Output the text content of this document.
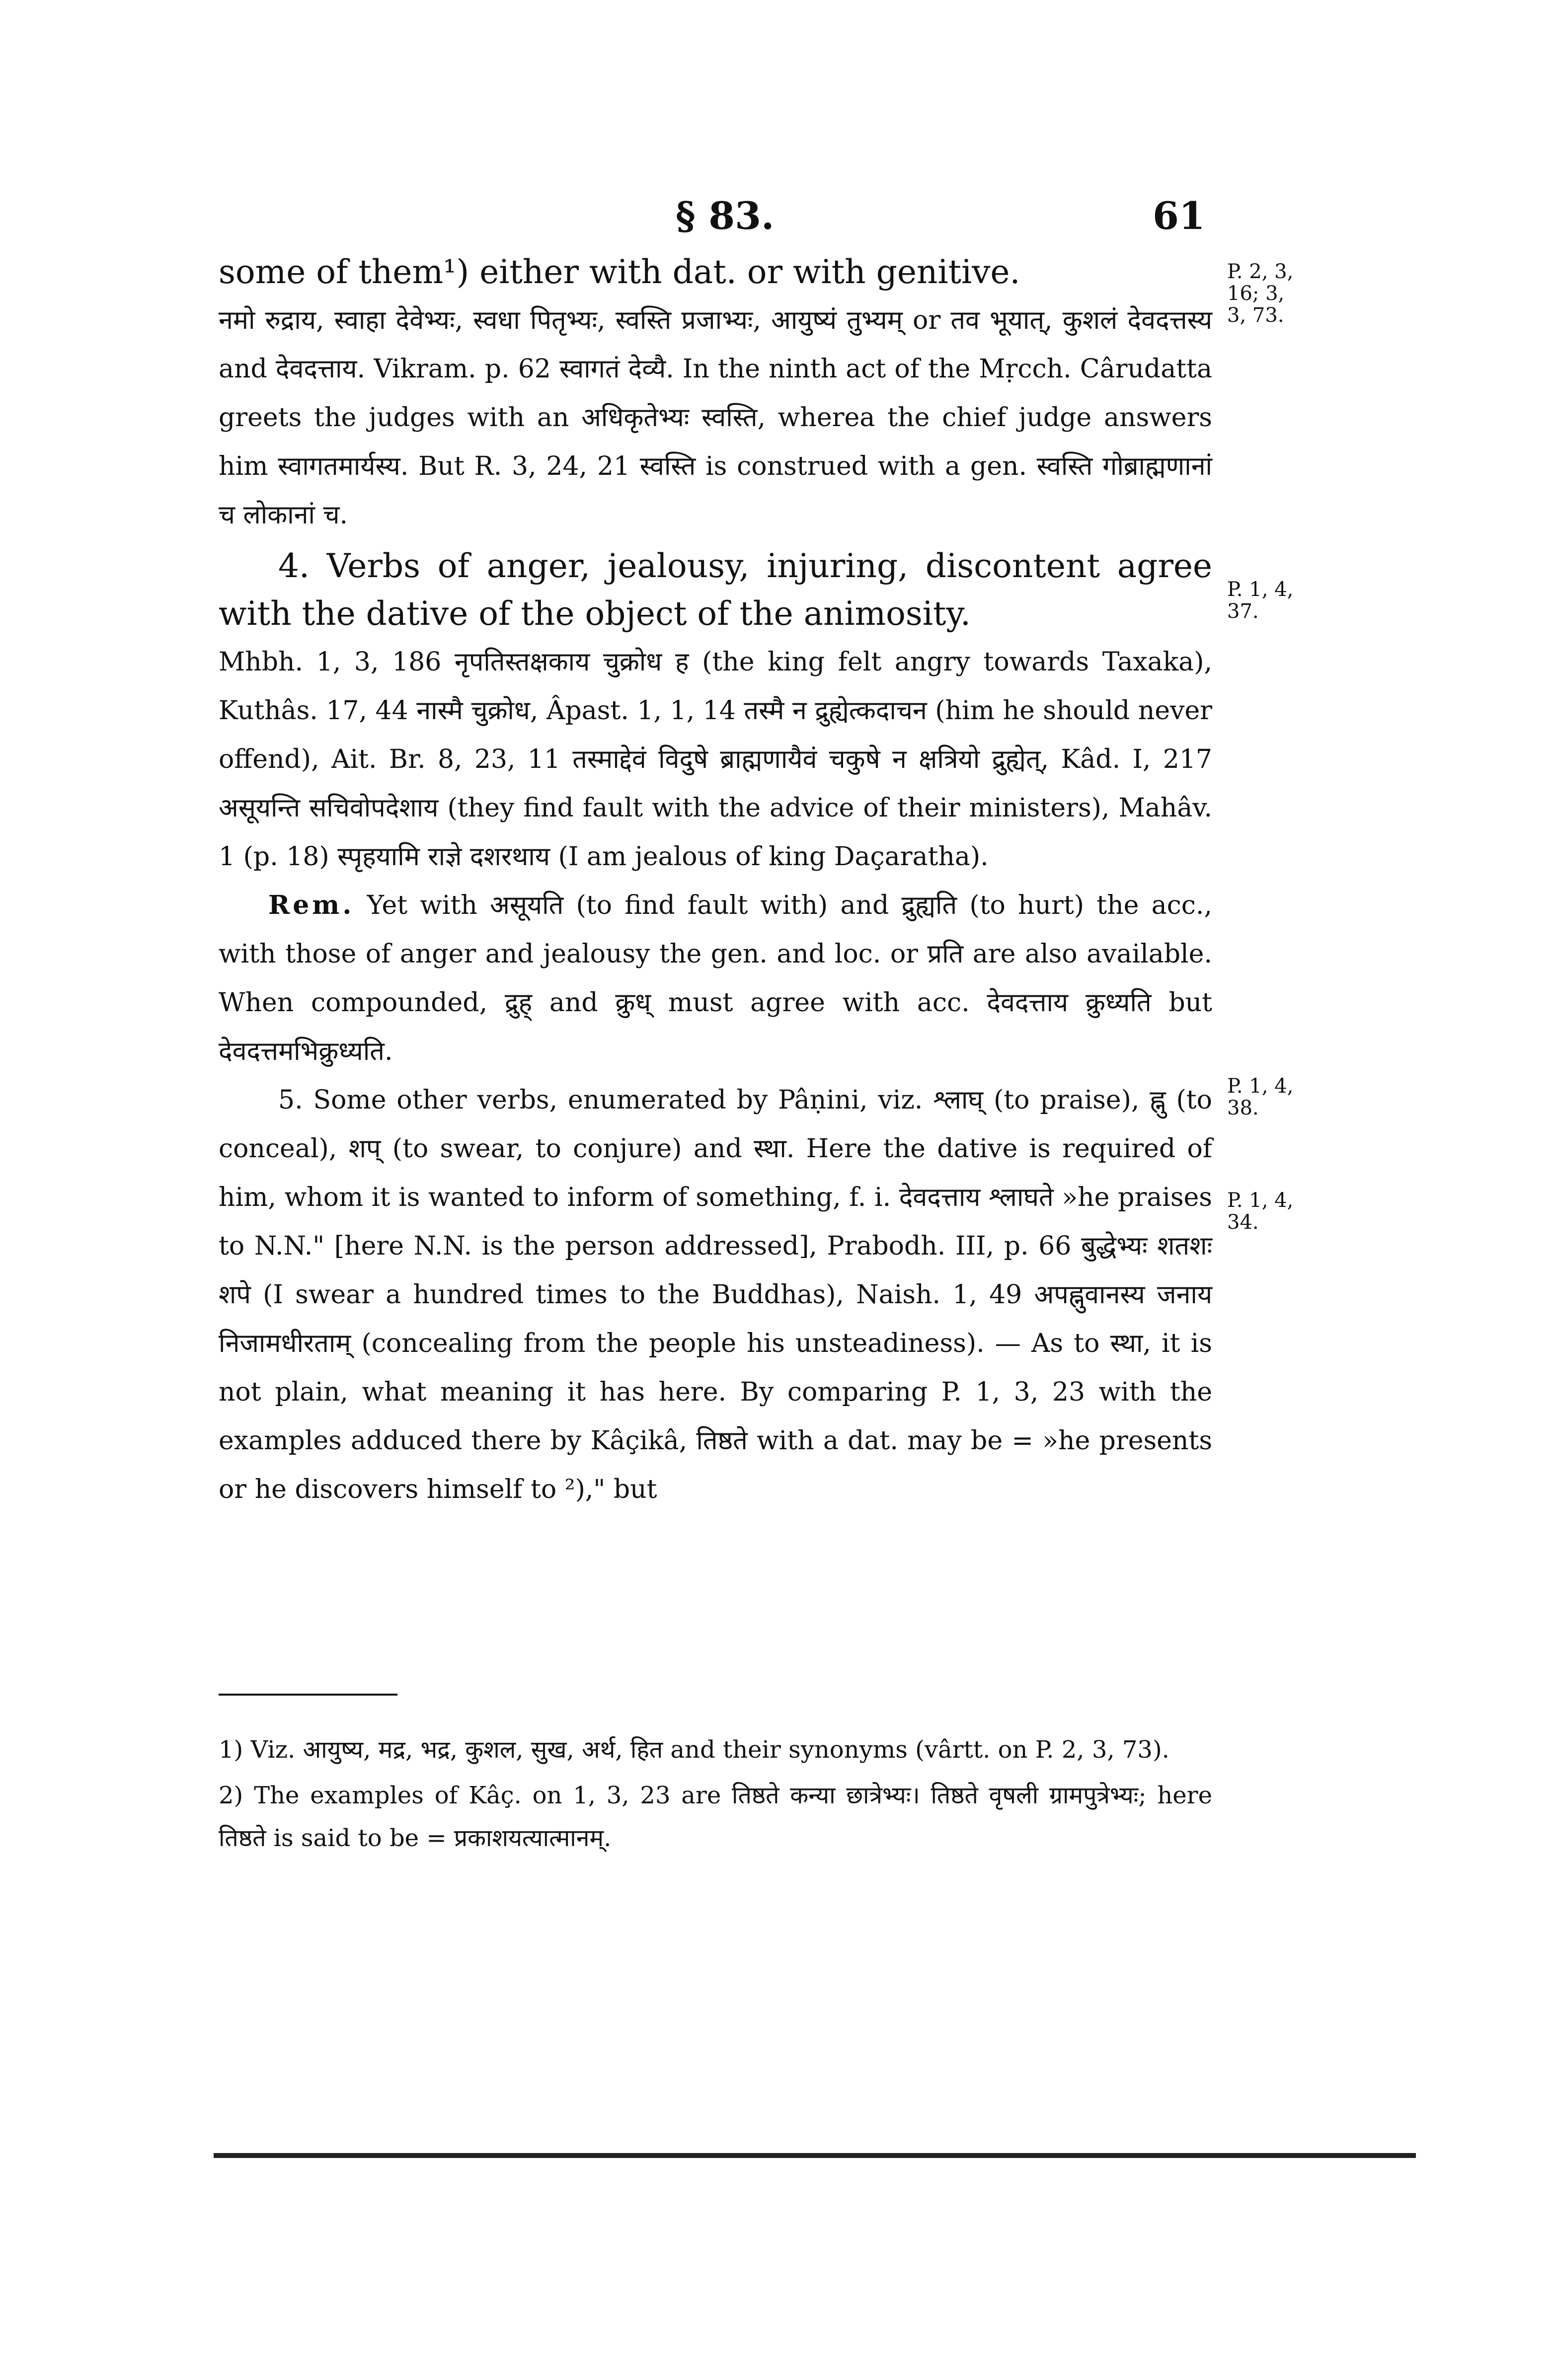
§ 83.	61
P. 2, 3, 16; 3, 3, 73.
P. 1, 4, 37.
P. 1, 4, 38.
P. 1, 4, 34.

some of them¹) either with dat. or with genitive.

नमो रुद्राय, स्वाहा देवेभ्यः, स्वधा पितृभ्यः, स्वस्ति प्रजाभ्यः, आयुष्यं तुभ्यम् or तव भूयात्, कुशलं देवदत्तस्य and देवदत्ताय. Vikram. p. 62 स्वागतं देव्यै. In the ninth act of the Mṛcch. Cârudatta greets the judges with an अधिकृतेभ्यः स्वस्ति, wherea the chief judge answers him स्वागतमार्यस्य. But R. 3, 24, 21 स्वस्ति is construed with a gen. स्वस्ति गोब्राह्मणानां च लोकानां च.

4. Verbs of anger, jealousy, injuring, discontent agree with the dative of the object of the animosity.

Mhbh. 1, 3, 186 नृपतिस्तक्षकाय चुक्रोध ह (the king felt angry towards Taxaka), Kuthâs. 17, 44 नास्मै चुक्रोध, Âpast. 1, 1, 14 तस्मै न द्रुह्येत्कदाचन (him he should never offend), Ait. Br. 8, 23, 11 तस्माद्देवं विदुषे ब्राह्मणायैवं चकुषे न क्षत्रियो द्रुह्येत्, Kâd. I, 217 असूयन्ति सचिवोपदेशाय (they find fault with the advice of their ministers), Mahâv. 1 (p. 18) स्पृहयामि राज्ञे दशरथाय (I am jealous of king Daçaratha).

Rem. Yet with असूयति (to find fault with) and द्रुह्यति (to hurt) the acc., with those of anger and jealousy the gen. and loc. or प्रति are also available. When compounded, द्रुह् and क्रुध् must agree with acc. देवदत्ताय क्रुध्यति but देवदत्तमभिक्रुध्यति.

5. Some other verbs, enumerated by Pâṇini, viz. श्लाघ् (to praise), ह्नु (to conceal), शप् (to swear, to conjure) and स्था. Here the dative is required of him, whom it is wanted to inform of something, f. i. देवदत्ताय श्लाघते »he praises to N.N." [here N.N. is the person addressed], Prabodh. III, p. 66 बुद्धेभ्यः शतशः शपे (I swear a hundred times to the Buddhas), Naish. 1, 49 अपह्नुवानस्य जनाय निजामधीरताम् (concealing from the people his unsteadiness). — As to स्था, it is not plain, what meaning it has here. By comparing P. 1, 3, 23 with the examples adduced there by Kâçikâ, तिष्ठते with a dat. may be = »he presents or he discovers himself to ²)," but

1) Viz. आयुष्य, मद्र, भद्र, कुशल, सुख, अर्थ, हित and their synonyms (vârtt. on P. 2, 3, 73).

2) The examples of Kâç. on 1, 3, 23 are तिष्ठते कन्या छात्रेभ्यः। तिष्ठते वृषली ग्रामपुत्रेभ्यः; here तिष्ठते is said to be = प्रकाशयत्यात्मानम्.
